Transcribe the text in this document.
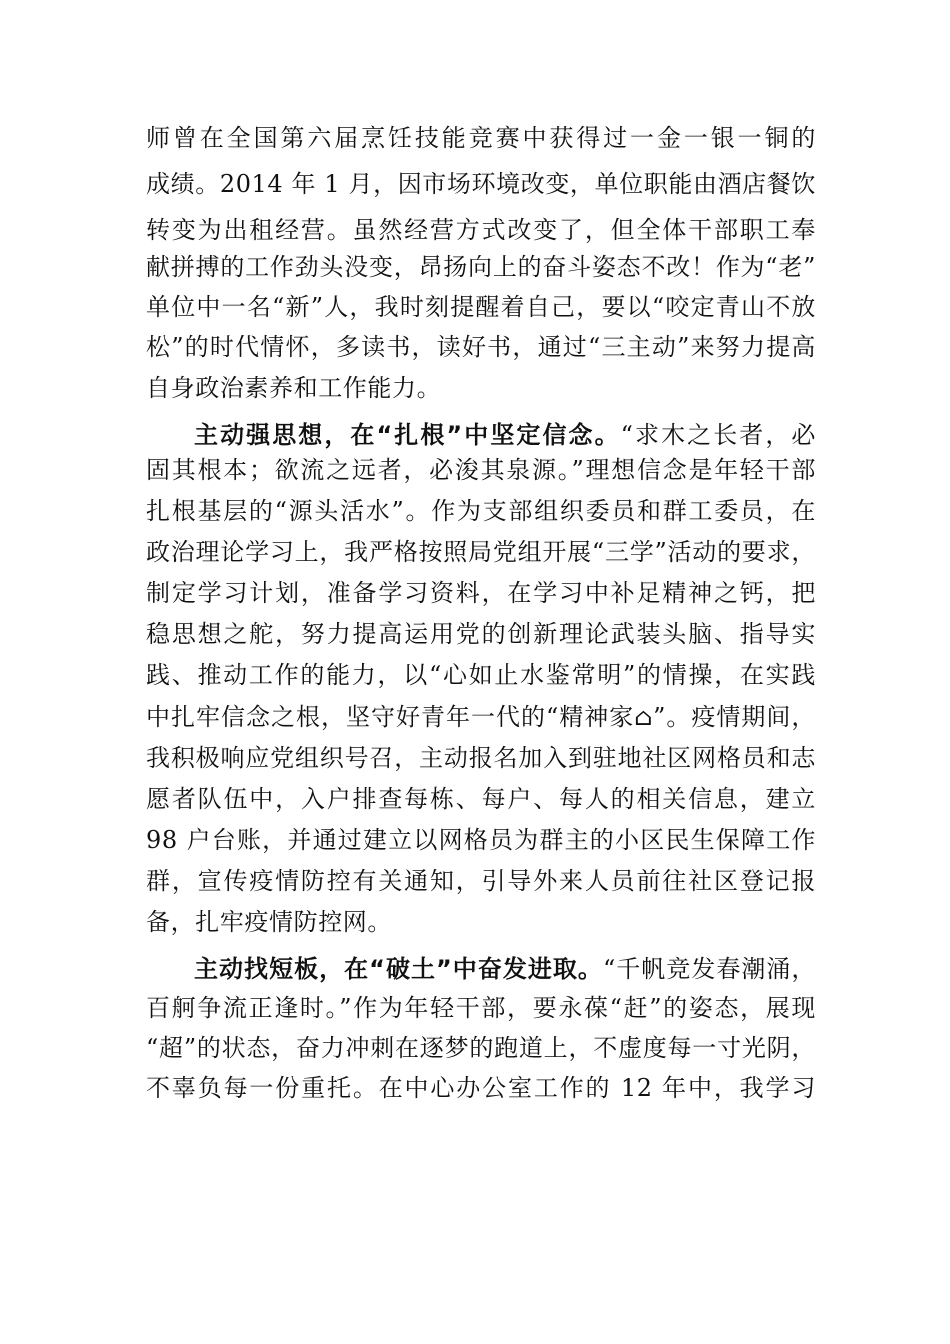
师曾在全国第六届烹饪技能竞赛中获得过一金一银一铜的
成绩。2014 年 1 月，因市场环境改变，单位职能由酒店餐饮
转变为出租经营。虽然经营方式改变了，但全体干部职工奉
献拼搏的工作劲头没变，昂扬向上的奋斗姿态不改！作为“老”
单位中一名“新”人，我时刻提醒着自己，要以“咬定青山不放
松”的时代情怀，多读书，读好书，通过“三主动”来努力提高
自身政治素养和工作能力。
主动强思想，在“扎根”中坚定信念。“求木之长者，必
固其根本；欲流之远者，必浚其泉源。”理想信念是年轻干部
扎根基层的“源头活水”。作为支部组织委员和群工委员，在
政治理论学习上，我严格按照局党组开展“三学”活动的要求，
制定学习计划，准备学习资料，在学习中补足精神之钙，把
稳思想之舵，努力提高运用党的创新理论武装头脑、指导实
践、推动工作的能力，以“心如止水鉴常明”的情操，在实践
中扎牢信念之根，坚守好青年一代的“精神家⌂”。疫情期间，
我积极响应党组织号召，主动报名加入到驻地社区网格员和志
愿者队伍中，入户排查每栋、每户、每人的相关信息，建立
98 户台账，并通过建立以网格员为群主的小区民生保障工作
群，宣传疫情防控有关通知，引导外来人员前往社区登记报
备，扎牢疫情防控网。
主动找短板，在“破土”中奋发进取。“千帆竞发春潮涌，
百舸争流正逢时。”作为年轻干部，要永葆“赶”的姿态，展现
“超”的状态，奋力冲刺在逐梦的跑道上，不虚度每一寸光阴，
不辜负每一份重托。在中心办公室工作的 12 年中，我学习
